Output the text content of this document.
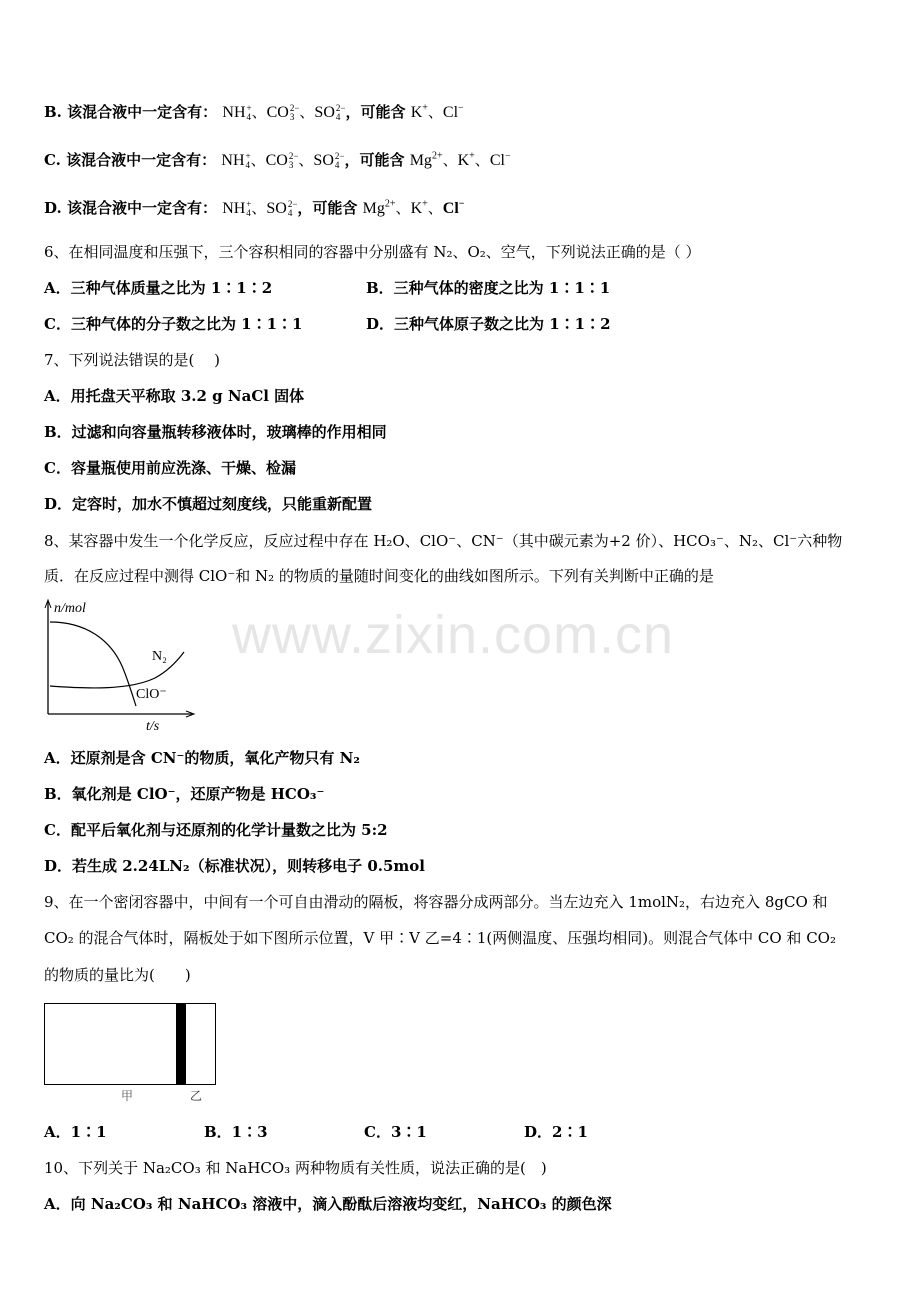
www.zixin.com.cn
B. 该混合液中一定含有： NH +
4 、CO 2−
3 、SO 2−
4 ，可能含 K+、Cl−
C. 该混合液中一定含有： NH +
4 、CO 2−
3 、SO 2−
4 ，可能含 $Mg^{2+}$、K+、Cl−
D. 该混合液中一定含有： NH +
4 、SO 2−
4 ，可能含 $Mg^{2+}$、K+、Cl−
6、在相同温度和压强下，三个容积相同的容器中分别盛有 N₂、O₂、空气，下列说法正确的是（ ）
A．三种气体质量之比为 1∶1∶2	B．三种气体的密度之比为 1∶1∶1
C．三种气体的分子数之比为 1∶1∶1	D．三种气体原子数之比为 1∶1∶2
7、下列说法错误的是(　 )
A．用托盘天平称取 3.2 g NaCl 固体
B．过滤和向容量瓶转移液体时，玻璃棒的作用相同
C．容量瓶使用前应洗涤、干燥、检漏
D．定容时，加水不慎超过刻度线，只能重新配置
8、某容器中发生一个化学反应，反应过程中存在 H₂O、ClO⁻、CN⁻（其中碳元素为+2 价）、HCO₃⁻、N₂、Cl⁻六种物
质．在反应过程中测得 ClO⁻和 N₂ 的物质的量随时间变化的曲线如图所示。下列有关判断中正确的是
n/mol
N₂
ClO⁻
t/s
A．还原剂是含 CN⁻的物质，氧化产物只有 N₂
B．氧化剂是 ClO⁻，还原产物是 HCO₃⁻
C．配平后氧化剂与还原剂的化学计量数之比为 5:2
D．若生成 2.24LN₂（标准状况），则转移电子 0.5mol
9、在一个密闭容器中，中间有一个可自由滑动的隔板，将容器分成两部分。当左边充入 1molN₂，右边充入 8gCO 和
CO₂ 的混合气体时，隔板处于如下图所示位置，V 甲∶V 乙=4∶1(两侧温度、压强均相同)。则混合气体中 CO 和 CO₂
的物质的量比为(　　)
甲	乙
A．1∶1	B．1∶3	C．3∶1	D．2∶1
10、下列关于 Na₂CO₃ 和 NaHCO₃ 两种物质有关性质，说法正确的是(　)
A．向 Na₂CO₃ 和 NaHCO₃ 溶液中，滴入酚酞后溶液均变红，NaHCO₃ 的颜色深
